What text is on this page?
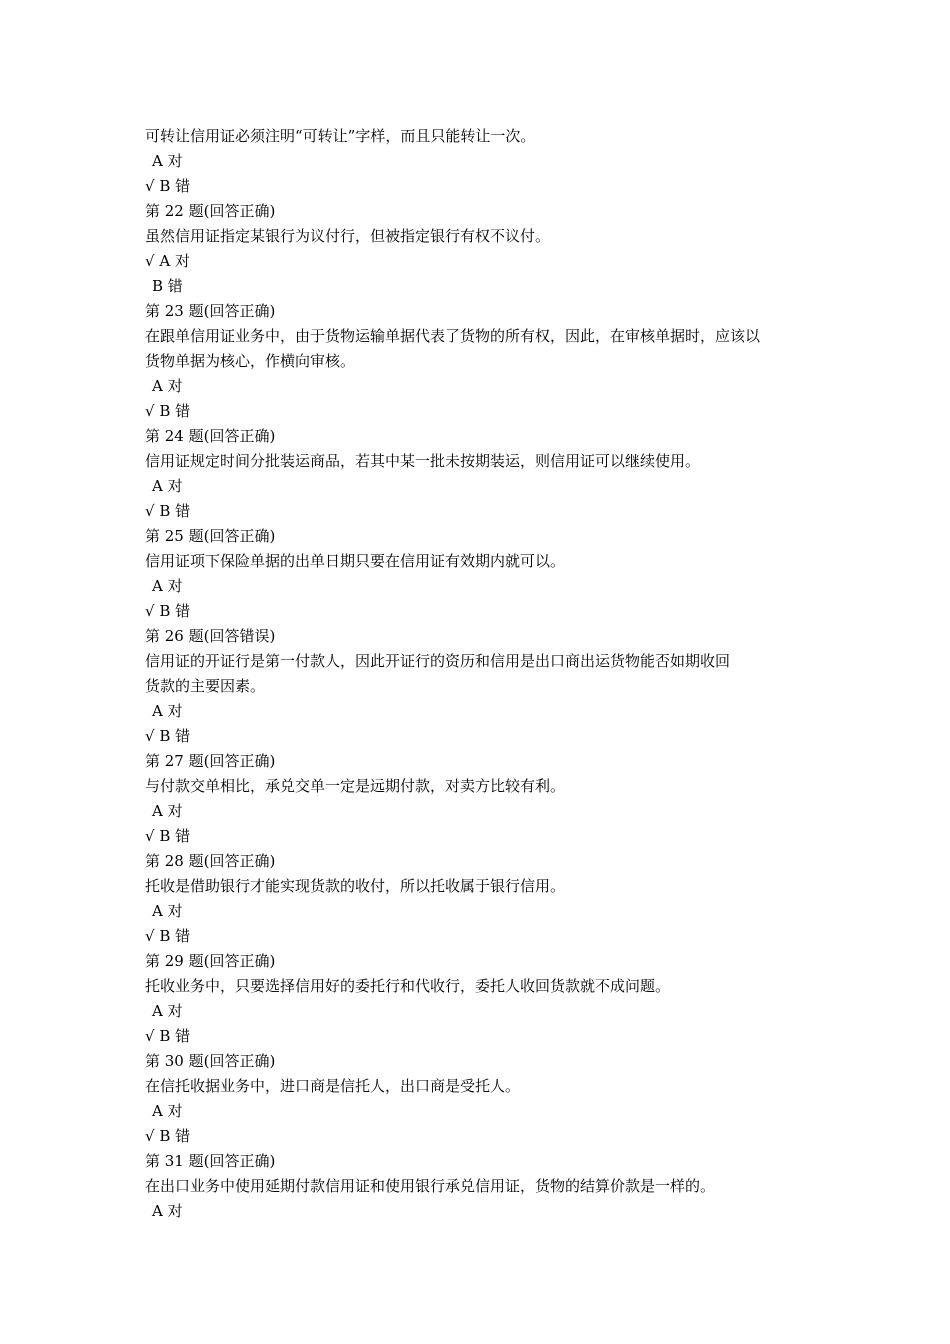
可转让信用证必须注明“可转让”字样，而且只能转让一次。
A 对
√ B 错
第 22 题(回答正确)
虽然信用证指定某银行为议付行，但被指定银行有权不议付。
√ A 对
B 错
第 23 题(回答正确)
在跟单信用证业务中，由于货物运输单据代表了货物的所有权，因此，在审核单据时，应该以
货物单据为核心，作横向审核。
A 对
√ B 错
第 24 题(回答正确)
信用证规定时间分批装运商品，若其中某一批未按期装运，则信用证可以继续使用。
A 对
√ B 错
第 25 题(回答正确)
信用证项下保险单据的出单日期只要在信用证有效期内就可以。
A 对
√ B 错
第 26 题(回答错误)
信用证的开证行是第一付款人，因此开证行的资历和信用是出口商出运货物能否如期收回
货款的主要因素。
A 对
√ B 错
第 27 题(回答正确)
与付款交单相比，承兑交单一定是远期付款，对卖方比较有利。
A 对
√ B 错
第 28 题(回答正确)
托收是借助银行才能实现货款的收付，所以托收属于银行信用。
A 对
√ B 错
第 29 题(回答正确)
托收业务中，只要选择信用好的委托行和代收行，委托人收回货款就不成问题。
A 对
√ B 错
第 30 题(回答正确)
在信托收据业务中，进口商是信托人，出口商是受托人。
A 对
√ B 错
第 31 题(回答正确)
在出口业务中使用延期付款信用证和使用银行承兑信用证，货物的结算价款是一样的。
A 对
